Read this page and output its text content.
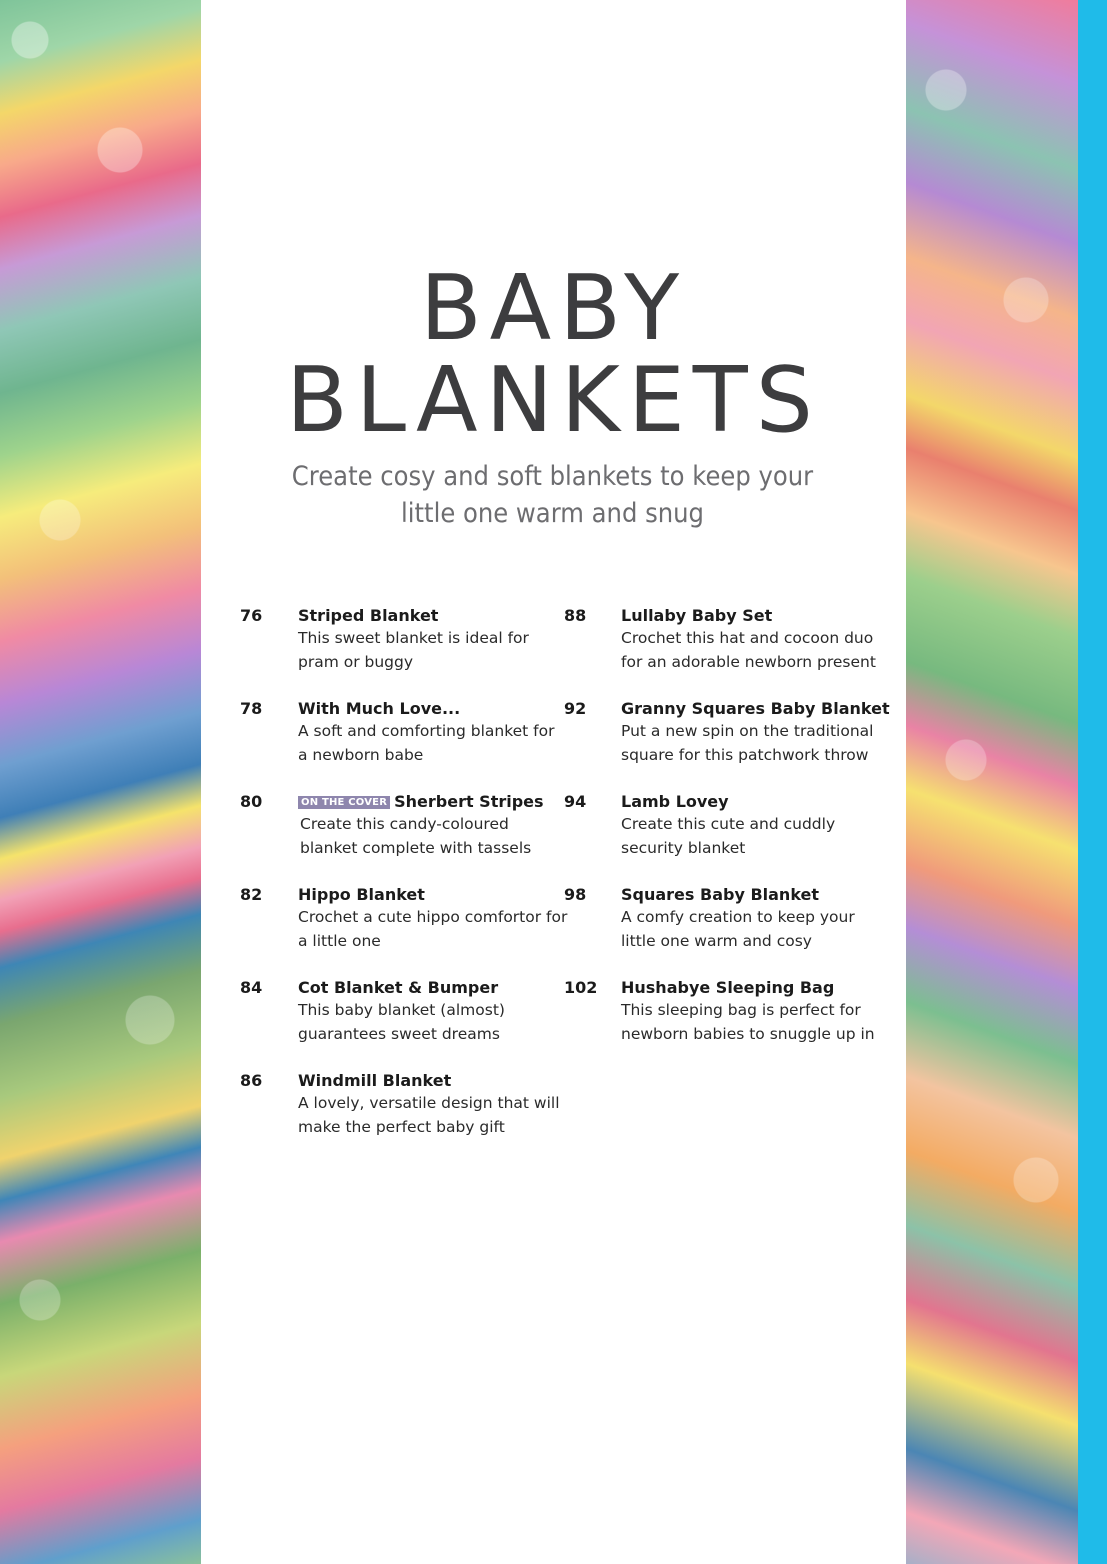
BABY
BLANKETS

Create cosy and soft blankets to keep your little one warm and snug

76 Striped Blanket
This sweet blanket is ideal for pram or buggy
78 With Much Love...
A soft and comforting blanket for a newborn babe
80	ON THE COVER Sherbert Stripes
Create this candy-coloured blanket complete with tassels
82 Hippo Blanket
Crochet a cute hippo comfortor for a little one
84 Cot Blanket & Bumper
This baby blanket (almost) guarantees sweet dreams
86 Windmill Blanket
A lovely, versatile design that will make the perfect baby gift
88 Lullaby Baby Set
Crochet this hat and cocoon duo for an adorable newborn present
92 Granny Squares Baby Blanket
Put a new spin on the traditional square for this patchwork throw
94 Lamb Lovey
Create this cute and cuddly security blanket
98 Squares Baby Blanket
A comfy creation to keep your little one warm and cosy
102 Hushabye Sleeping Bag
This sleeping bag is perfect for newborn babies to snuggle up in
